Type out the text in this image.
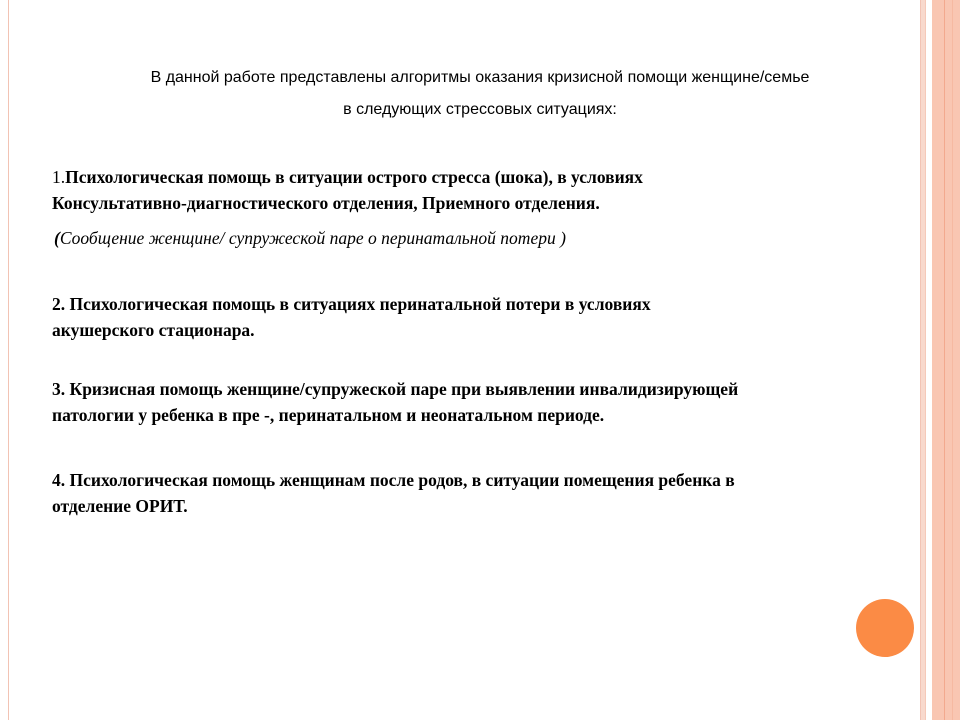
В данной работе представлены алгоритмы оказания кризисной помощи женщине/семье
в следующих стрессовых ситуациях:
1.Психологическая помощь в ситуации острого стресса (шока), в условиях
Консультативно-диагностического отделения, Приемного отделения.
(Сообщение женщине/ супружеской паре о перинатальной потери )
2. Психологическая помощь в ситуациях перинатальной потери в условиях
акушерского стационара.
3. Кризисная помощь женщине/супружеской паре при выявлении инвалидизирующей
патологии у ребенка в пре -, перинатальном и неонатальном периоде.
4. Психологическая помощь женщинам после родов, в ситуации помещения ребенка в
отделение ОРИТ.
